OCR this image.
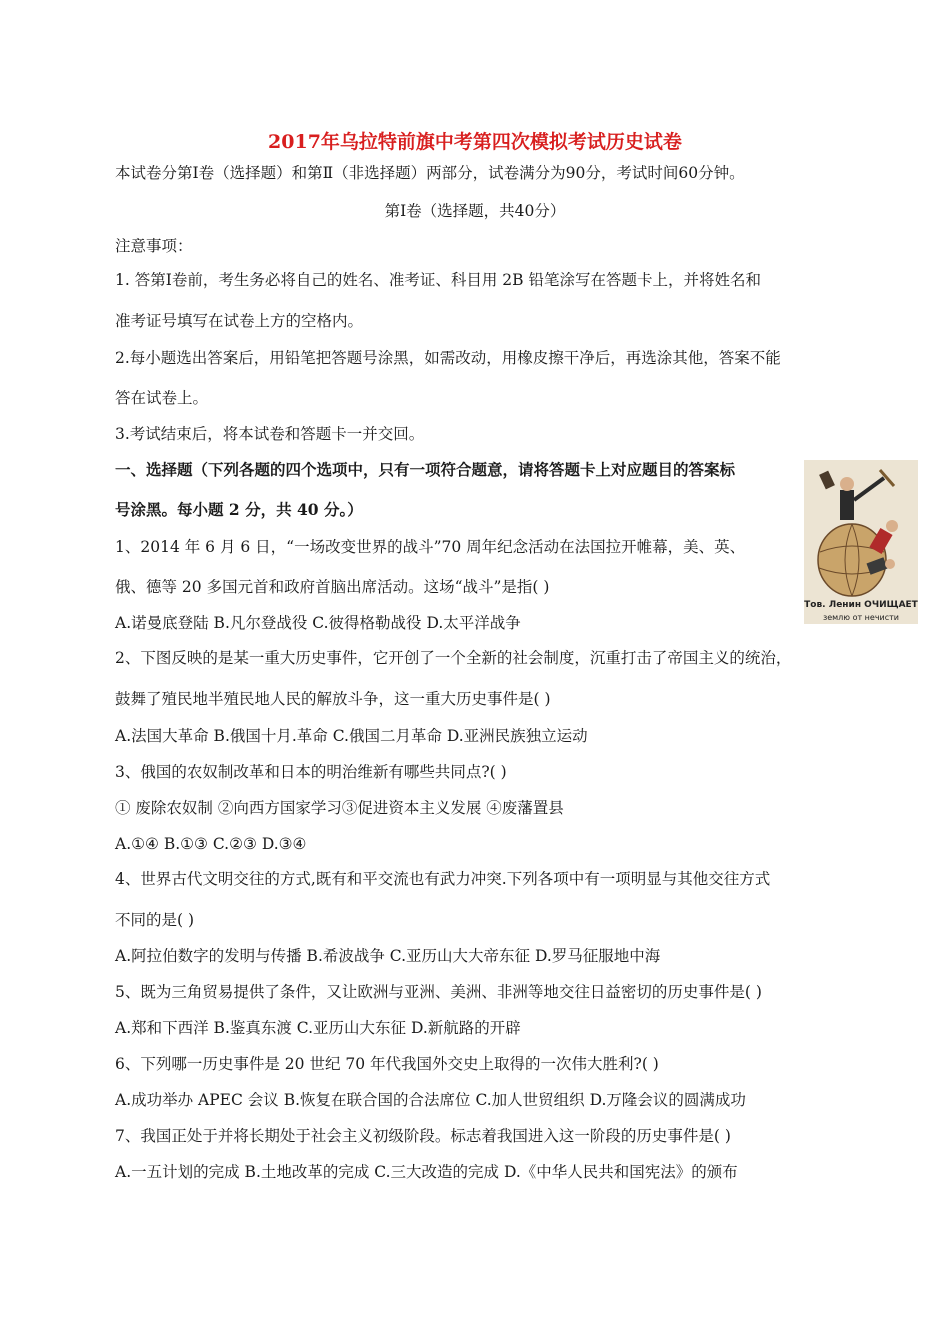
2017年乌拉特前旗中考第四次模拟考试历史试卷
本试卷分第Ⅰ卷（选择题）和第Ⅱ（非选择题）两部分，试卷满分为90分，考试时间60分钟。
第Ⅰ卷（选择题，共40分）
注意事项：
1. 答第Ⅰ卷前，考生务必将自己的姓名、准考证、科目用 2B 铅笔涂写在答题卡上，并将姓名和
准考证号填写在试卷上方的空格内。
2.每小题选出答案后，用铅笔把答题号涂黑，如需改动，用橡皮擦干净后，再选涂其他，答案不能
答在试卷上。
3.考试结束后，将本试卷和答题卡一并交回。
一、选择题（下列各题的四个选项中，只有一项符合题意，请将答题卡上对应题目的答案标
号涂黑。每小题 2 分，共 40 分。）
1、2014 年 6 月 6 日，“一场改变世界的战斗”70 周年纪念活动在法国拉开帷幕，美、英、
俄、德等 20 多国元首和政府首脑出席活动。这场“战斗”是指( )
A.诺曼底登陆 B.凡尔登战役 C.彼得格勒战役 D.太平洋战争
2、下图反映的是某一重大历史事件，它开创了一个全新的社会制度，沉重打击了帝国主义的统治，
鼓舞了殖民地半殖民地人民的解放斗争，这一重大历史事件是( )
A.法国大革命 B.俄国十月.革命 C.俄国二月革命 D.亚洲民族独立运动
3、俄国的农奴制改革和日本的明治维新有哪些共同点?( )
① 废除农奴制 ②向西方国家学习③促进资本主义发展 ④废藩置县
A.①④ B.①③ C.②③ D.③④
4、世界古代文明交往的方式,既有和平交流也有武力冲突.下列各项中有一项明显与其他交往方式
不同的是( )
A.阿拉伯数字的发明与传播 B.希波战争 C.亚历山大大帝东征 D.罗马征服地中海
5、既为三角贸易提供了条件，又让欧洲与亚洲、美洲、非洲等地交往日益密切的历史事件是( )
A.郑和下西洋 B.鉴真东渡 C.亚历山大东征 D.新航路的开辟
6、下列哪一历史事件是 20 世纪 70 年代我国外交史上取得的一次伟大胜利?( )
A.成功举办 APEC 会议 B.恢复在联合国的合法席位 C.加人世贸组织 D.万隆会议的圆满成功
7、我国正处于并将长期处于社会主义初级阶段。标志着我国进入这一阶段的历史事件是( )
A.一五计划的完成 B.土地改革的完成 C.三大改造的完成 D.《中华人民共和国宪法》的颁布
Тов. Ленин ОЧИЩАЕТ
землю от нечисти
